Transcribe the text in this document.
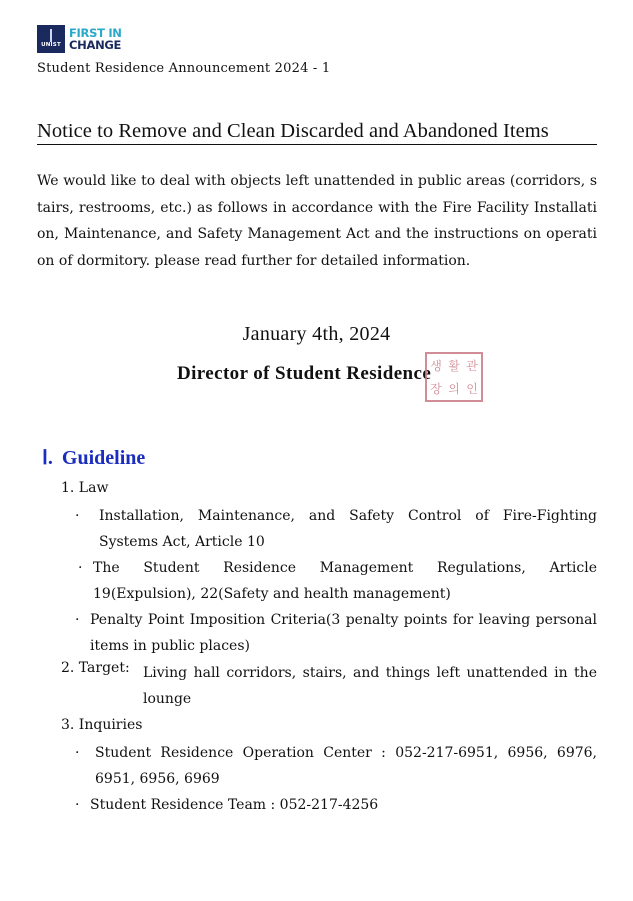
UNIST
FIRST IN
CHANGE
Student Residence Announcement 2024 - 1
Notice to Remove and Clean Discarded and Abandoned Items
We would like to deal with objects left unattended in public areas (corridors, stairs, restrooms, etc.) as follows in accordance with the Fire Facility Installation, Maintenance, and Safety Management Act and the instructions on operation of dormitory. please read further for detailed information.
January 4th, 2024
Director of Student Residence 생 활 관
장 의 인
Ⅰ. Guideline
1. Law
· Installation, Maintenance, and Safety Control of Fire-Fighting Systems Act, Article 10
· The Student Residence Management Regulations, Article 19(Expulsion), 22(Safety and health management)
· Penalty Point Imposition Criteria(3 penalty points for leaving personal items in public places)
2. Target: Living hall corridors, stairs, and things left unattended in the lounge
3. Inquiries
· Student Residence Operation Center : 052-217-6951, 6956, 6976, 6951, 6956, 6969
· Student Residence Team : 052-217-4256
